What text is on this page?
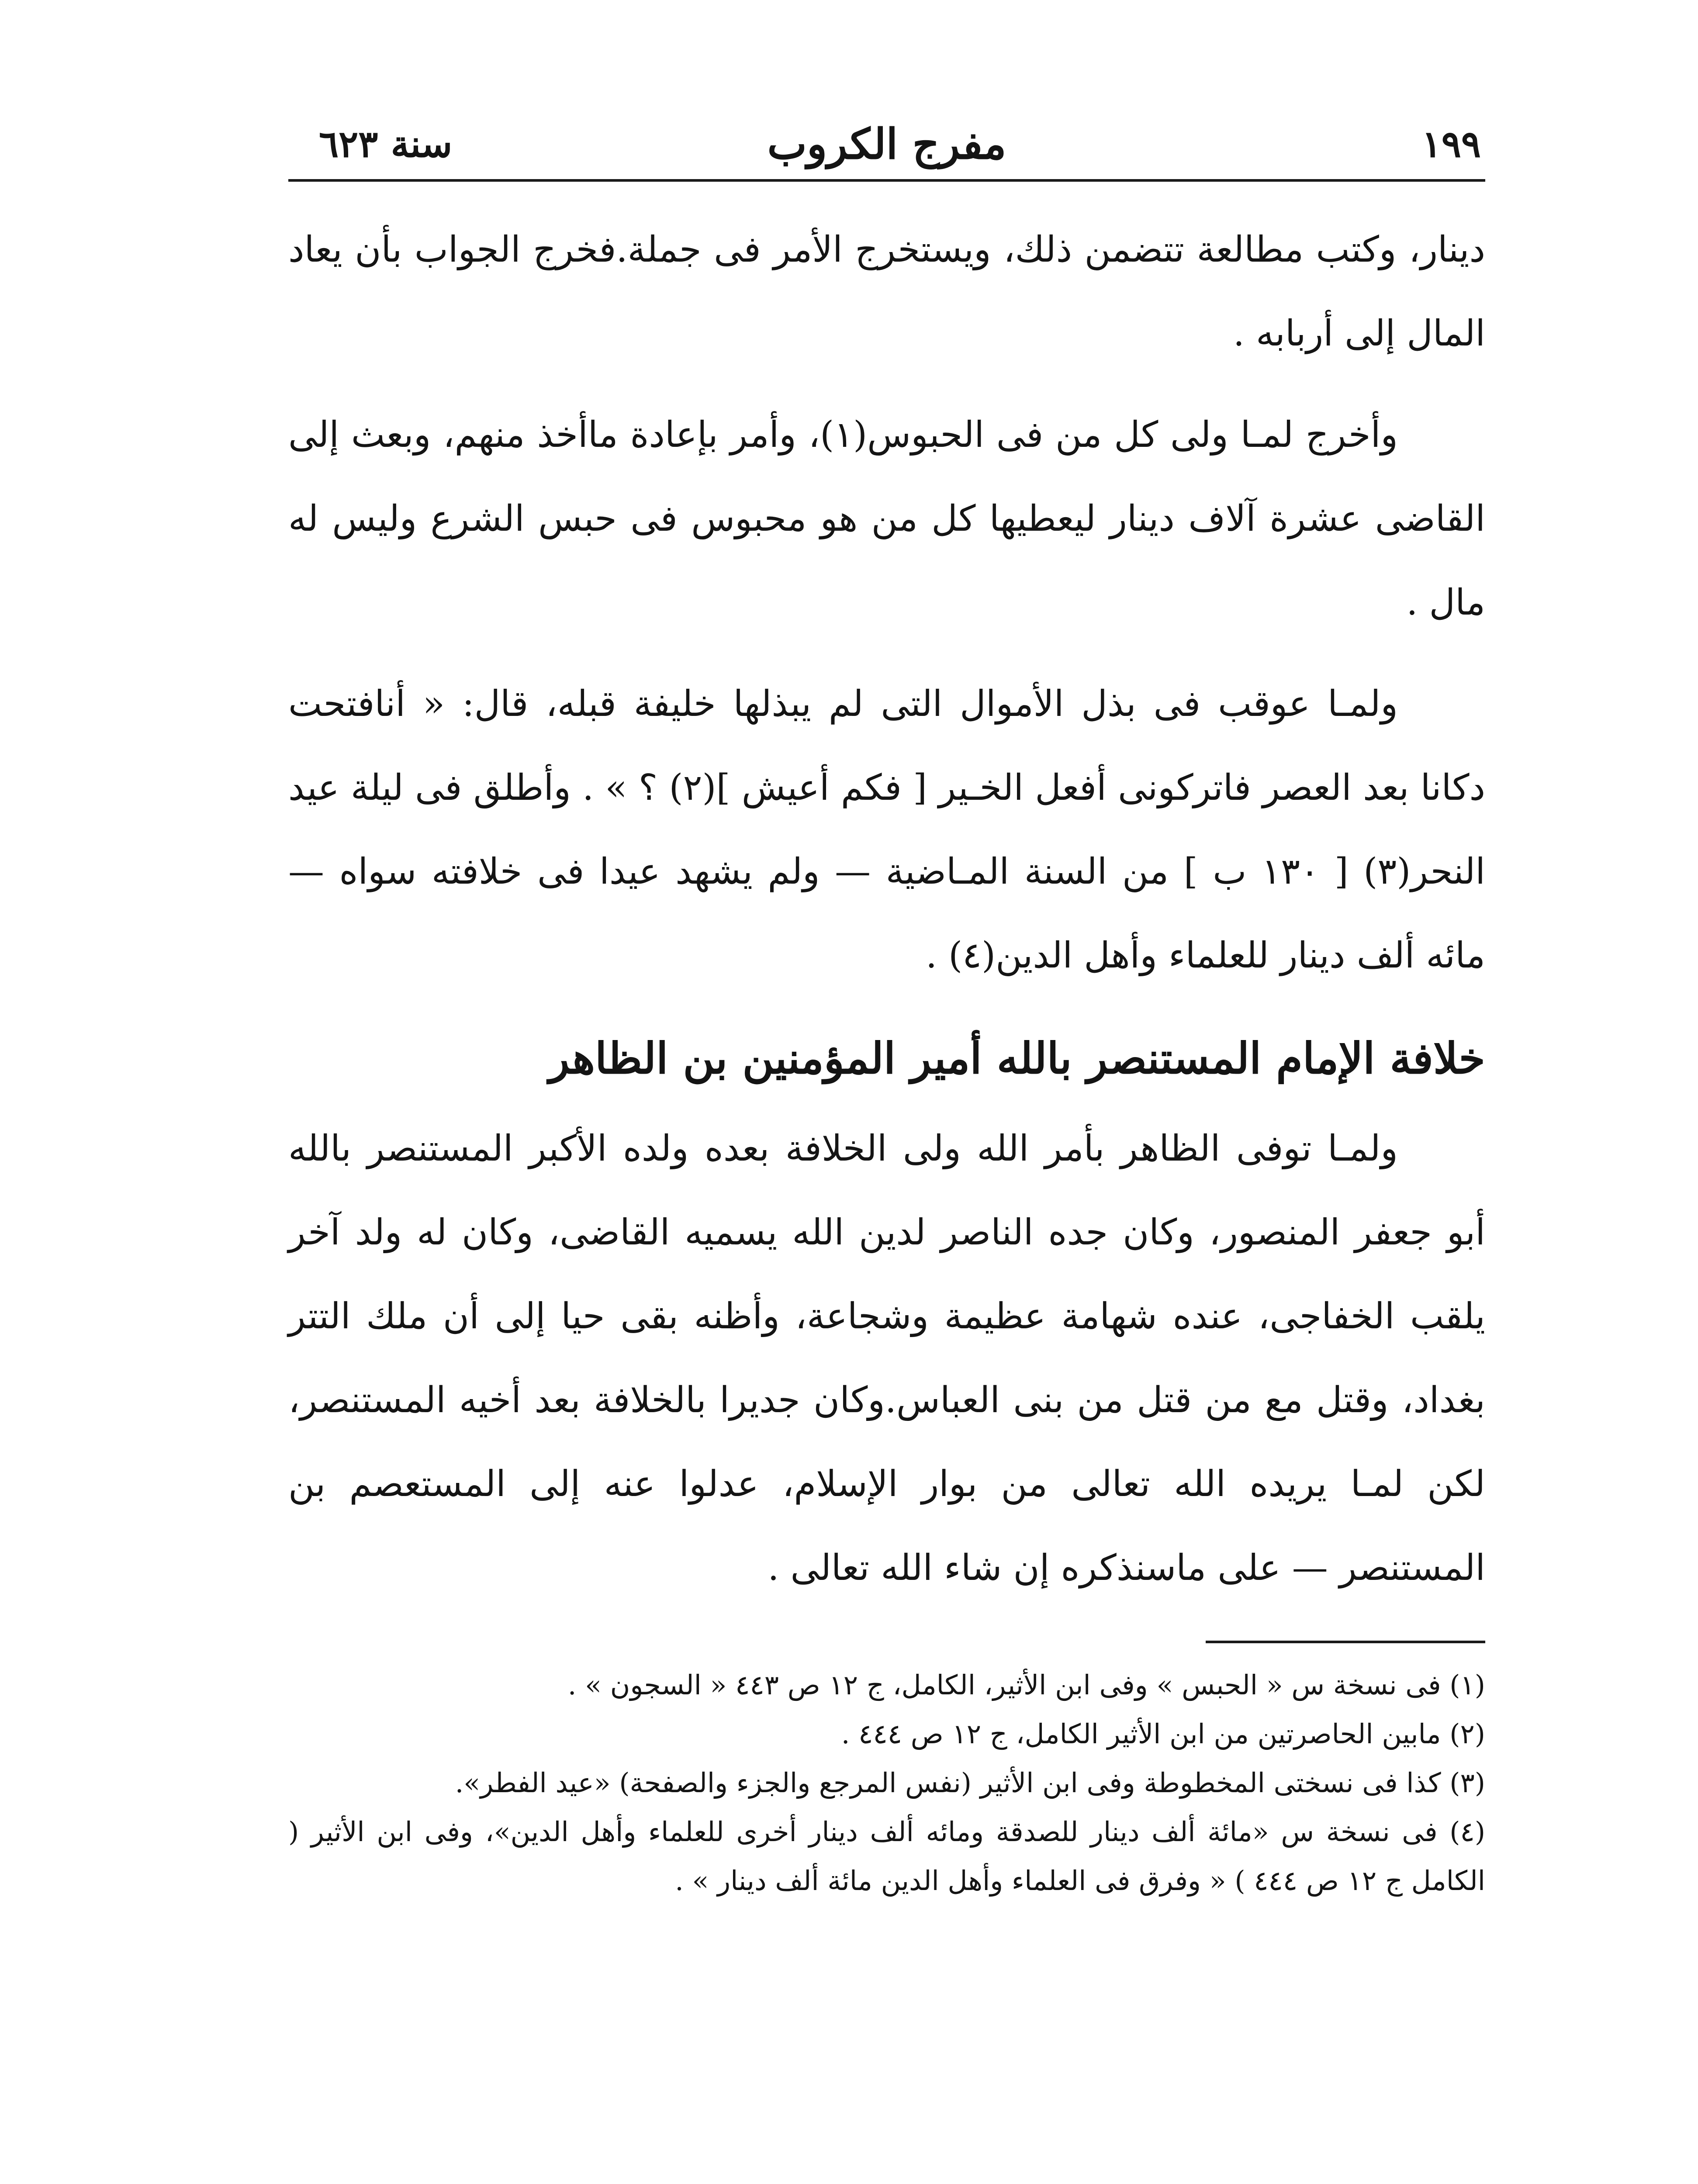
١٩٩
مفرج الكروب
سنة ٦٢٣

دينار، وكتب مطالعة تتضمن ذلك، ويستخرج الأمر فى جملة.فخرج الجواب بأن يعاد المال إلى أربابه .

وأخرج لمـا ولى كل من فى الحبوس(١)، وأمر بإعادة ماأخذ منهم، وبعث إلى القاضى عشرة آلاف دينار ليعطيها كل من هو محبوس فى حبس الشرع وليس له مال .

ولمـا عوقب فى بذل الأموال التى لم يبذلها خليفة قبله، قال: « أنافتحت دكانا بعد العصر فاتركونى أفعل الخـير [ فكم أعيش ](٢) ؟ » . وأطلق فى ليلة عيد النحر(٣) [ ١٣٠ ب ] من السنة المـاضية — ولم يشهد عيدا فى خلافته سواه — مائه ألف دينار للعلماء وأهل الدين(٤) .

خلافة الإمام المستنصر بالله أمير المؤمنين بن الظاهر

ولمـا توفى الظاهر بأمر الله ولى الخلافة بعده ولده الأكبر المستنصر بالله أبو جعفر المنصور، وكان جده الناصر لدين الله يسميه القاضى، وكان له ولد آخر يلقب الخفاجى، عنده شهامة عظيمة وشجاعة، وأظنه بقى حيا إلى أن ملك التتر بغداد، وقتل مع من قتل من بنى العباس.وكان جديرا بالخلافة بعد أخيه المستنصر، لكن لمـا يريده الله تعالى من بوار الإسلام، عدلوا عنه إلى المستعصم بن المستنصر — على ماسنذكره إن شاء الله تعالى .

(١) فى نسخة س « الحبس » وفى ابن الأثير، الكامل، ج ١٢ ص ٤٤٣ « السجون » .

(٢) مابين الحاصرتين من ابن الأثير الكامل، ج ١٢ ص ٤٤٤ .

(٣) كذا فى نسختى المخطوطة وفى ابن الأثير (نفس المرجع والجزء والصفحة) «عيد الفطر».

(٤) فى نسخة س «مائة ألف دينار للصدقة ومائه ألف دينار أخرى للعلماء وأهل الدين»، وفى ابن الأثير ( الكامل ج ١٢ ص ٤٤٤ ) « وفرق فى العلماء وأهل الدين مائة ألف دينار » .
